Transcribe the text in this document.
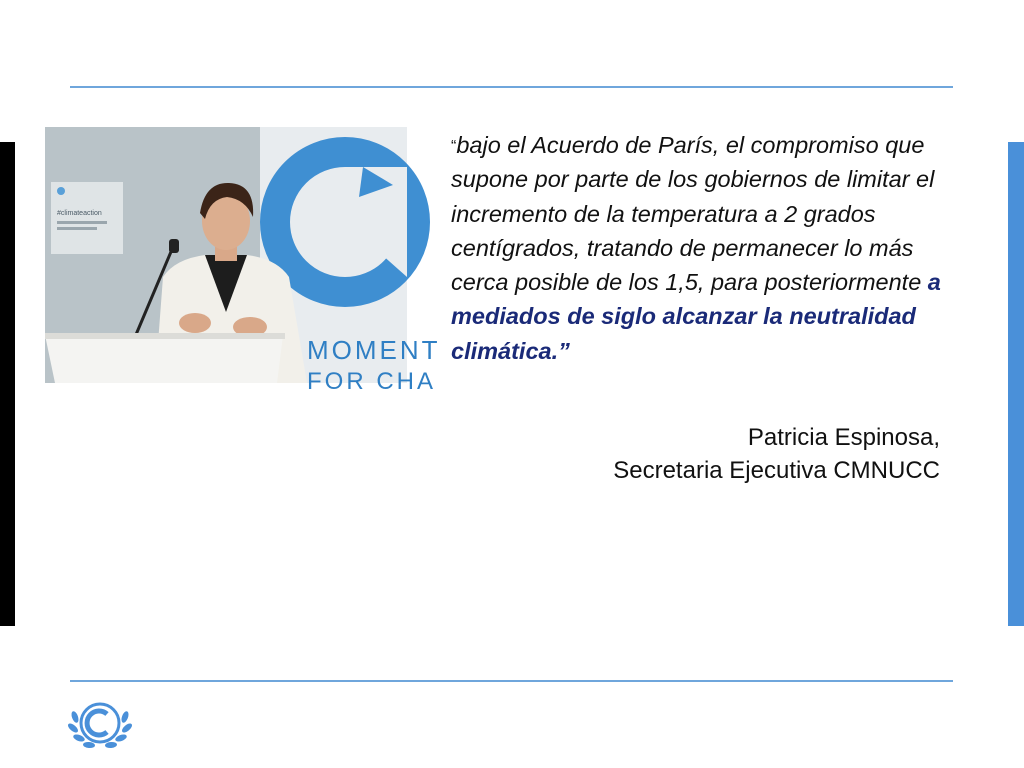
#climateaction
MOMENT
FOR CHA

“bajo el Acuerdo de París, el compromiso que supone por parte de los gobiernos de limitar el incremento de la temperatura a 2 grados centígrados, tratando de permanecer lo más cerca posible de los 1,5, para posteriormente a mediados de siglo alcanzar la neutralidad climática.”

Patricia Espinosa,
Secretaria Ejecutiva CMNUCC
